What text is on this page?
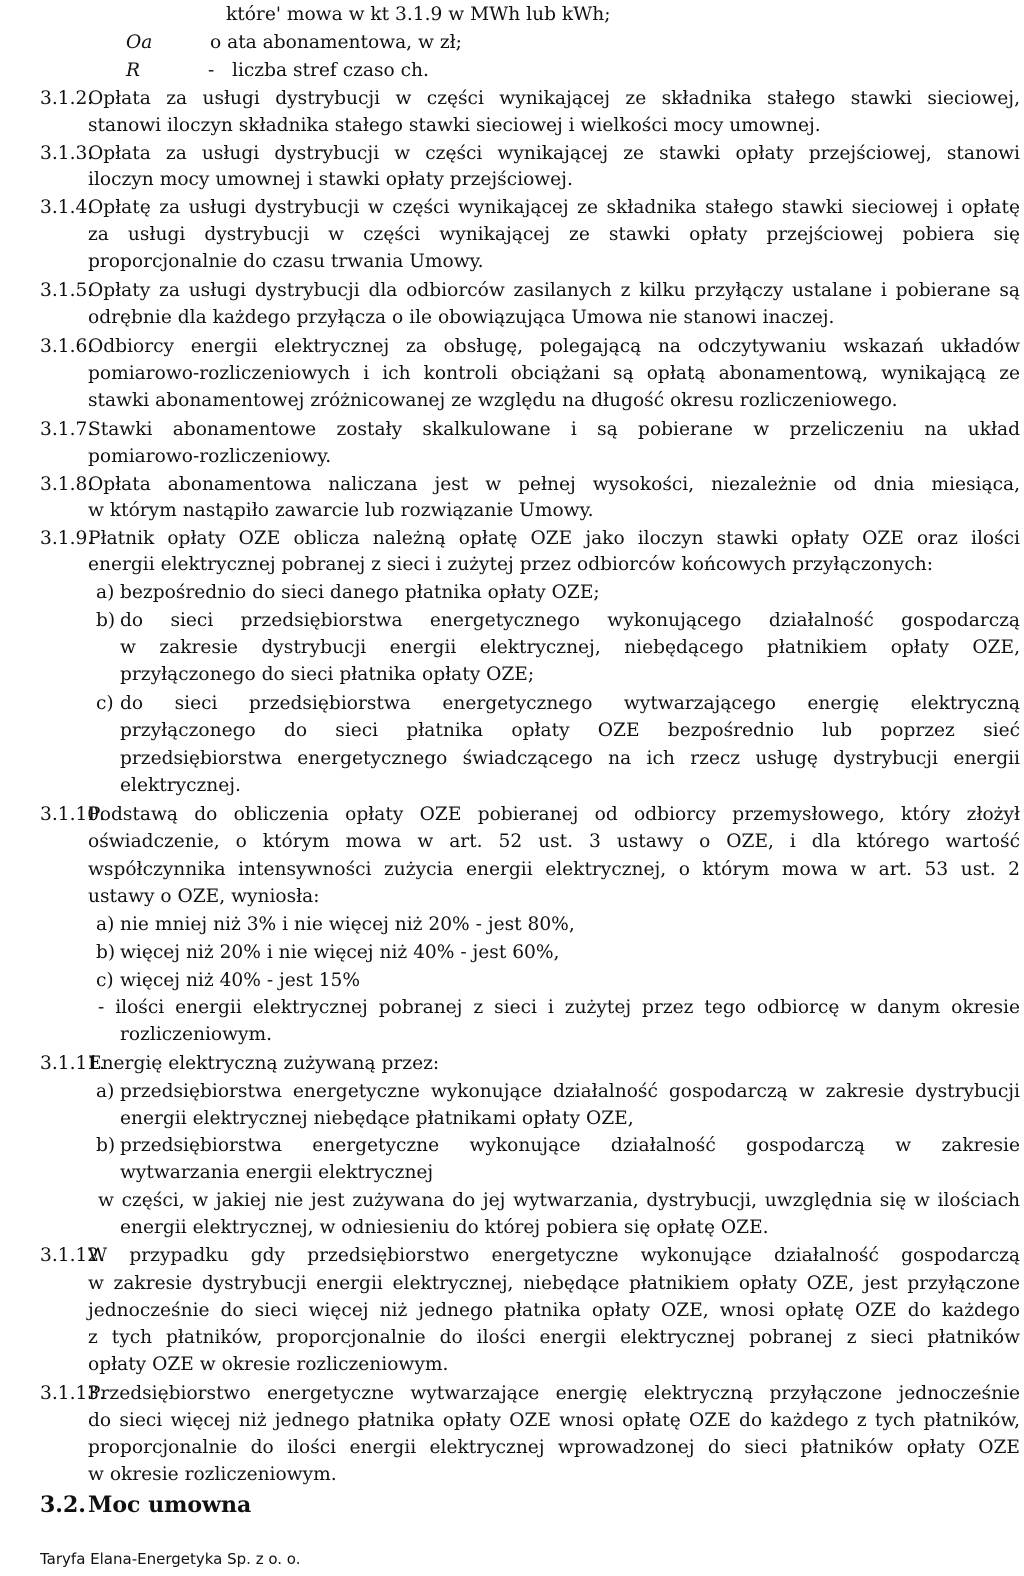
które' mowa w kt 3.1.9 w MWh lub kWh;
Oa	o ata abonamentowa, w zł;
R	- liczba stref czaso ch.
3.1.2.
Opłata za usługi dystrybucji w części wynikającej ze składnika stałego stawki sieciowej,
stanowi iloczyn składnika stałego stawki sieciowej i wielkości mocy umownej.
3.1.3.
Opłata za usługi dystrybucji w części wynikającej ze stawki opłaty przejściowej, stanowi
iloczyn mocy umownej i stawki opłaty przejściowej.
3.1.4.
Opłatę za usługi dystrybucji w części wynikającej ze składnika stałego stawki sieciowej i opłatę
za usługi dystrybucji w części wynikającej ze stawki opłaty przejściowej pobiera się
proporcjonalnie do czasu trwania Umowy.
3.1.5.
Opłaty za usługi dystrybucji dla odbiorców zasilanych z kilku przyłączy ustalane i pobierane są
odrębnie dla każdego przyłącza o ile obowiązująca Umowa nie stanowi inaczej.
3.1.6.
Odbiorcy energii elektrycznej za obsługę, polegającą na odczytywaniu wskazań układów
pomiarowo-rozliczeniowych i ich kontroli obciążani są opłatą abonamentową, wynikającą ze
stawki abonamentowej zróżnicowanej ze względu na długość okresu rozliczeniowego.
3.1.7.
Stawki abonamentowe zostały skalkulowane i są pobierane w przeliczeniu na układ
pomiarowo-rozliczeniowy.
3.1.8.
Opłata abonamentowa naliczana jest w pełnej wysokości, niezależnie od dnia miesiąca,
w którym nastąpiło zawarcie lub rozwiązanie Umowy.
3.1.9.
Płatnik opłaty OZE oblicza należną opłatę OZE jako iloczyn stawki opłaty OZE oraz ilości
energii elektrycznej pobranej z sieci i zużytej przez odbiorców końcowych przyłączonych:
a) bezpośrednio do sieci danego płatnika opłaty OZE;
b) do sieci przedsiębiorstwa energetycznego wykonującego działalność gospodarczą
w zakresie dystrybucji energii elektrycznej, niebędącego płatnikiem opłaty OZE,
przyłączonego do sieci płatnika opłaty OZE;
c) do sieci przedsiębiorstwa energetycznego wytwarzającego energię elektryczną
przyłączonego do sieci płatnika opłaty OZE bezpośrednio lub poprzez sieć
przedsiębiorstwa energetycznego świadczącego na ich rzecz usługę dystrybucji energii
elektrycznej.
3.1.10.
Podstawą do obliczenia opłaty OZE pobieranej od odbiorcy przemysłowego, który złożył
oświadczenie, o którym mowa w art. 52 ust. 3 ustawy o OZE, i dla którego wartość
współczynnika intensywności zużycia energii elektrycznej, o którym mowa w art. 53 ust. 2
ustawy o OZE, wyniosła:
a) nie mniej niż 3% i nie więcej niż 20% - jest 80%,
b) więcej niż 20% i nie więcej niż 40% - jest 60%,
c) więcej niż 40% - jest 15%
- ilości energii elektrycznej pobranej z sieci i zużytej przez tego odbiorcę w danym okresie
rozliczeniowym.
3.1.11.
Energię elektryczną zużywaną przez:
a) przedsiębiorstwa energetyczne wykonujące działalność gospodarczą w zakresie dystrybucji
energii elektrycznej niebędące płatnikami opłaty OZE,
b) przedsiębiorstwa energetyczne wykonujące działalność gospodarczą w zakresie
wytwarzania energii elektrycznej
w części, w jakiej nie jest zużywana do jej wytwarzania, dystrybucji, uwzględnia się w ilościach
energii elektrycznej, w odniesieniu do której pobiera się opłatę OZE.
3.1.12.
W przypadku gdy przedsiębiorstwo energetyczne wykonujące działalność gospodarczą
w zakresie dystrybucji energii elektrycznej, niebędące płatnikiem opłaty OZE, jest przyłączone
jednocześnie do sieci więcej niż jednego płatnika opłaty OZE, wnosi opłatę OZE do każdego
z tych płatników, proporcjonalnie do ilości energii elektrycznej pobranej z sieci płatników
opłaty OZE w okresie rozliczeniowym.
3.1.13.
Przedsiębiorstwo energetyczne wytwarzające energię elektryczną przyłączone jednocześnie
do sieci więcej niż jednego płatnika opłaty OZE wnosi opłatę OZE do każdego z tych płatników,
proporcjonalnie do ilości energii elektrycznej wprowadzonej do sieci płatników opłaty OZE
w okresie rozliczeniowym.
3.2. Moc umowna
Taryfa Elana-Energetyka Sp. z o. o.
